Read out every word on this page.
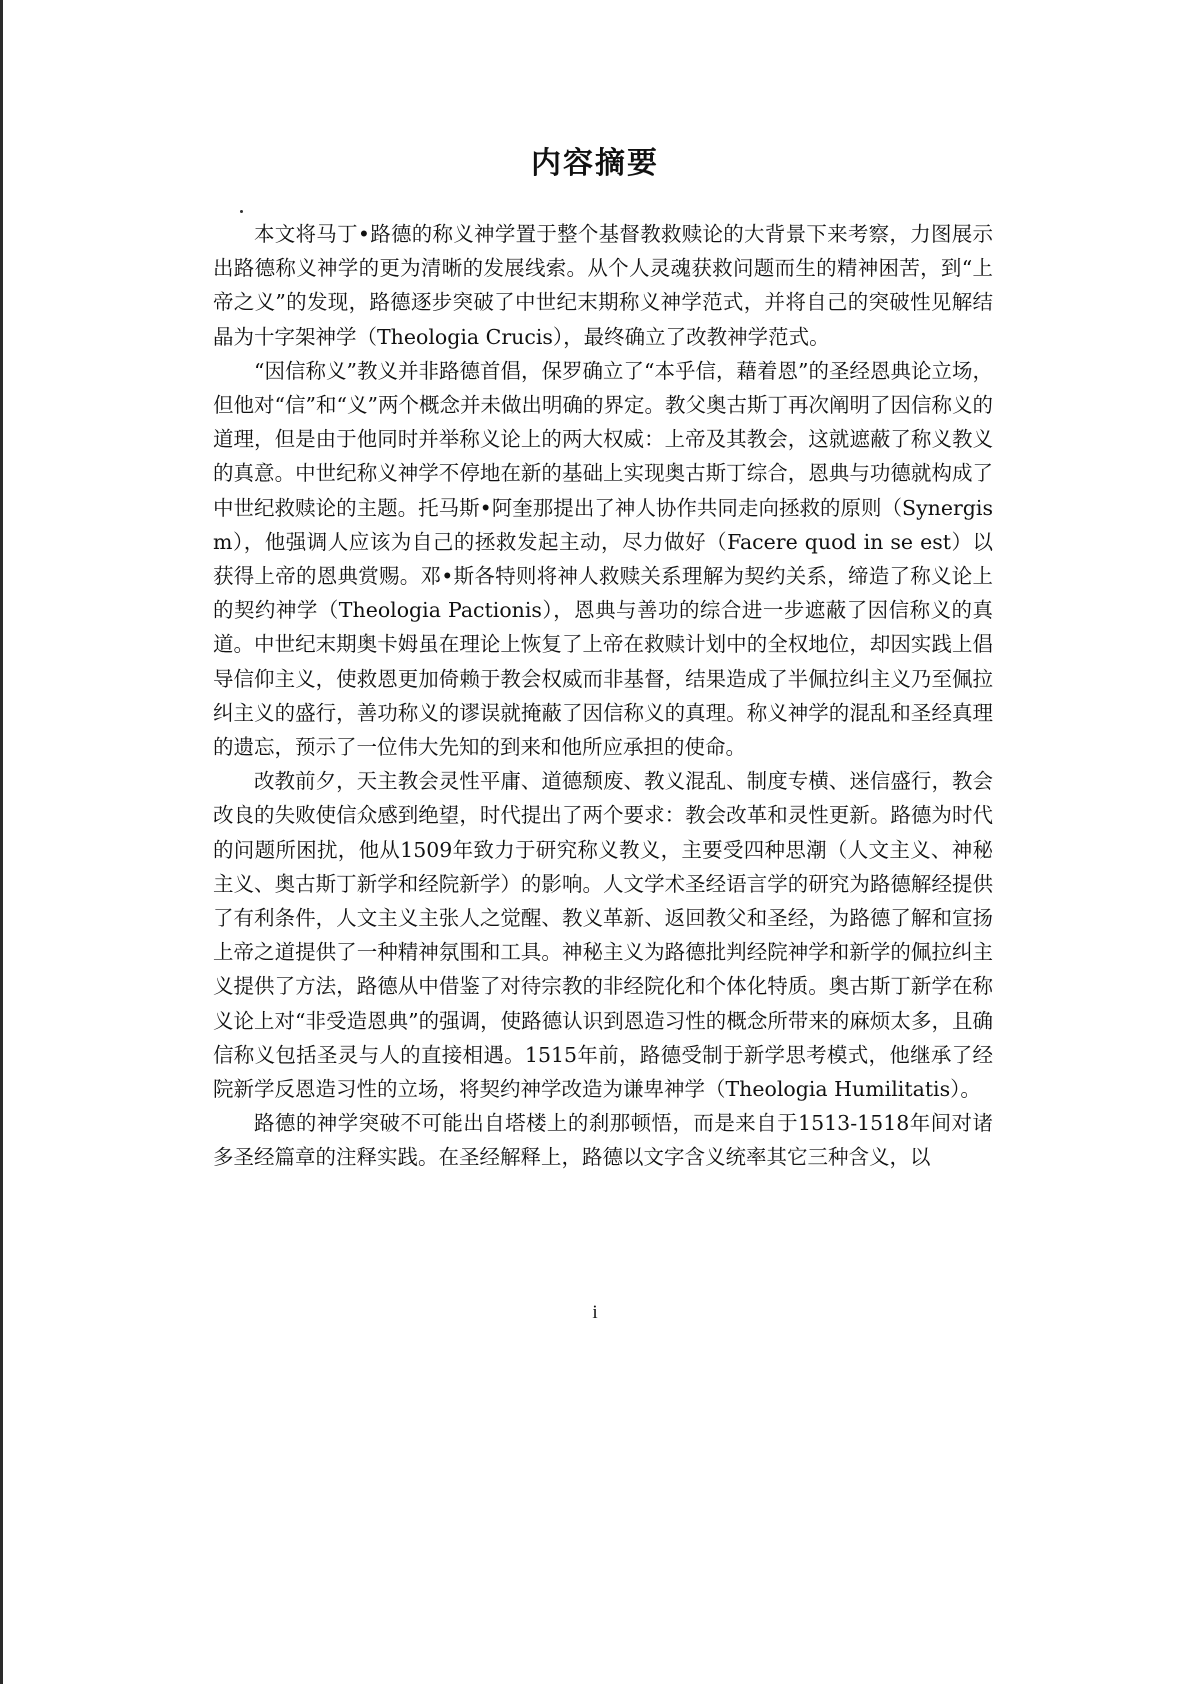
内容摘要

本文将马丁•路德的称义神学置于整个基督教救赎论的大背景下来考察，力图展示出路德称义神学的更为清晰的发展线索。从个人灵魂获救问题而生的精神困苦，到“上帝之义”的发现，路德逐步突破了中世纪末期称义神学范式，并将自己的突破性见解结晶为十字架神学（Theologia Crucis），最终确立了改教神学范式。

“因信称义”教义并非路德首倡，保罗确立了“本乎信，藉着恩”的圣经恩典论立场，但他对“信”和“义”两个概念并未做出明确的界定。教父奥古斯丁再次阐明了因信称义的道理，但是由于他同时并举称义论上的两大权威：上帝及其教会，这就遮蔽了称义教义的真意。中世纪称义神学不停地在新的基础上实现奥古斯丁综合，恩典与功德就构成了中世纪救赎论的主题。托马斯•阿奎那提出了神人协作共同走向拯救的原则（Synergism），他强调人应该为自己的拯救发起主动，尽力做好（Facere quod in se est）以获得上帝的恩典赏赐。邓•斯各特则将神人救赎关系理解为契约关系，缔造了称义论上的契约神学（Theologia Pactionis），恩典与善功的综合进一步遮蔽了因信称义的真道。中世纪末期奥卡姆虽在理论上恢复了上帝在救赎计划中的全权地位，却因实践上倡导信仰主义，使救恩更加倚赖于教会权威而非基督，结果造成了半佩拉纠主义乃至佩拉纠主义的盛行，善功称义的谬误就掩蔽了因信称义的真理。称义神学的混乱和圣经真理的遗忘，预示了一位伟大先知的到来和他所应承担的使命。

改教前夕，天主教会灵性平庸、道德颓废、教义混乱、制度专横、迷信盛行，教会改良的失败使信众感到绝望，时代提出了两个要求：教会改革和灵性更新。路德为时代的问题所困扰，他从1509年致力于研究称义教义，主要受四种思潮（人文主义、神秘主义、奥古斯丁新学和经院新学）的影响。人文学术圣经语言学的研究为路德解经提供了有利条件，人文主义主张人之觉醒、教义革新、返回教父和圣经，为路德了解和宣扬上帝之道提供了一种精神氛围和工具。神秘主义为路德批判经院神学和新学的佩拉纠主义提供了方法，路德从中借鉴了对待宗教的非经院化和个体化特质。奥古斯丁新学在称义论上对“非受造恩典”的强调，使路德认识到恩造习性的概念所带来的麻烦太多，且确信称义包括圣灵与人的直接相遇。1515年前，路德受制于新学思考模式，他继承了经院新学反恩造习性的立场，将契约神学改造为谦卑神学（Theologia Humilitatis）。

路德的神学突破不可能出自塔楼上的刹那顿悟，而是来自于1513-1518年间对诸多圣经篇章的注释实践。在圣经解释上，路德以文字含义统率其它三种含义，以

i
